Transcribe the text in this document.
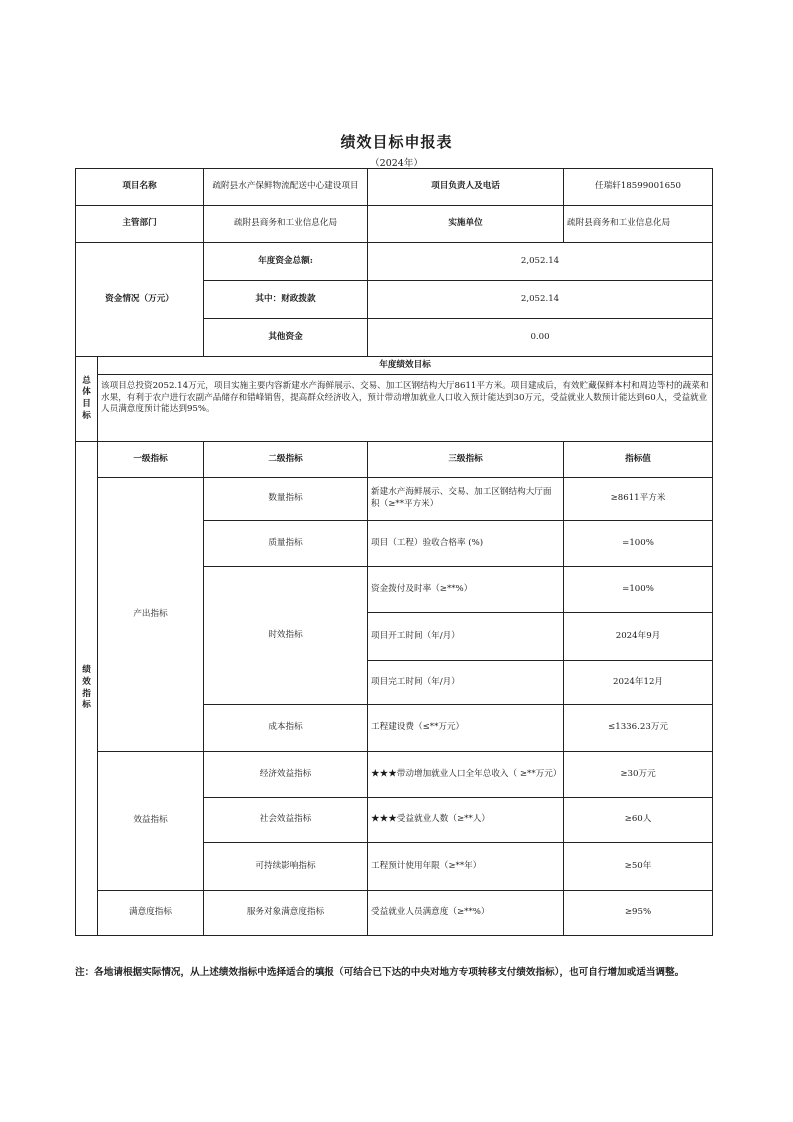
绩效目标申报表
（2024年）
项目名称		疏附县水产保鲜物流配送中心建设项目	项目负责人及电话	任瑞轩18599001650
主管部门		疏附县商务和工业信息化局	实施单位	疏附县商务和工业信息化局
资金情况（万元）		年度资金总额:	2,052.14	
		其中：财政拨款	2,052.14	
		其他资金	0.00	
总体目标	年度绩效目标			
	该项目总投资2052.14万元，项目实施主要内容新建水产海鲜展示、交易、加工区钢结构大厅8611平方米。项目建成后，有效贮藏保鲜本村和周边等村的蔬菜和水果，有利于农户进行农副产品储存和错峰销售，提高群众经济收入，预计带动增加就业人口收入预计能达到30万元，受益就业人数预计能达到60人，受益就业人员满意度预计能达到95%。			
绩效指标	一级指标	二级指标	三级指标	指标值
	产出指标	数量指标	新建水产海鲜展示、交易、加工区钢结构大厅面积（≥**平方米）	≥8611平方米
		质量指标	项目（工程）验收合格率 (%)	=100%
		时效指标	资金拨付及时率（≥**%）	=100%
			项目开工时间（年/月）	2024年9月
			项目完工时间（年/月）	2024年12月
		成本指标	工程建设费（≤**万元）	≤1336.23万元
	效益指标	经济效益指标	★★★带动增加就业人口全年总收入（ ≥**万元）	≥30万元
		社会效益指标	★★★受益就业人数（≥**人）	≥60人
		可持续影响指标	工程预计使用年限（≥**年）	≥50年
	满意度指标	服务对象满意度指标	受益就业人员满意度（≥**%）	≥95%
注：各地请根据实际情况，从上述绩效指标中选择适合的填报（可结合已下达的中央对地方专项转移支付绩效指标），也可自行增加或适当调整。
